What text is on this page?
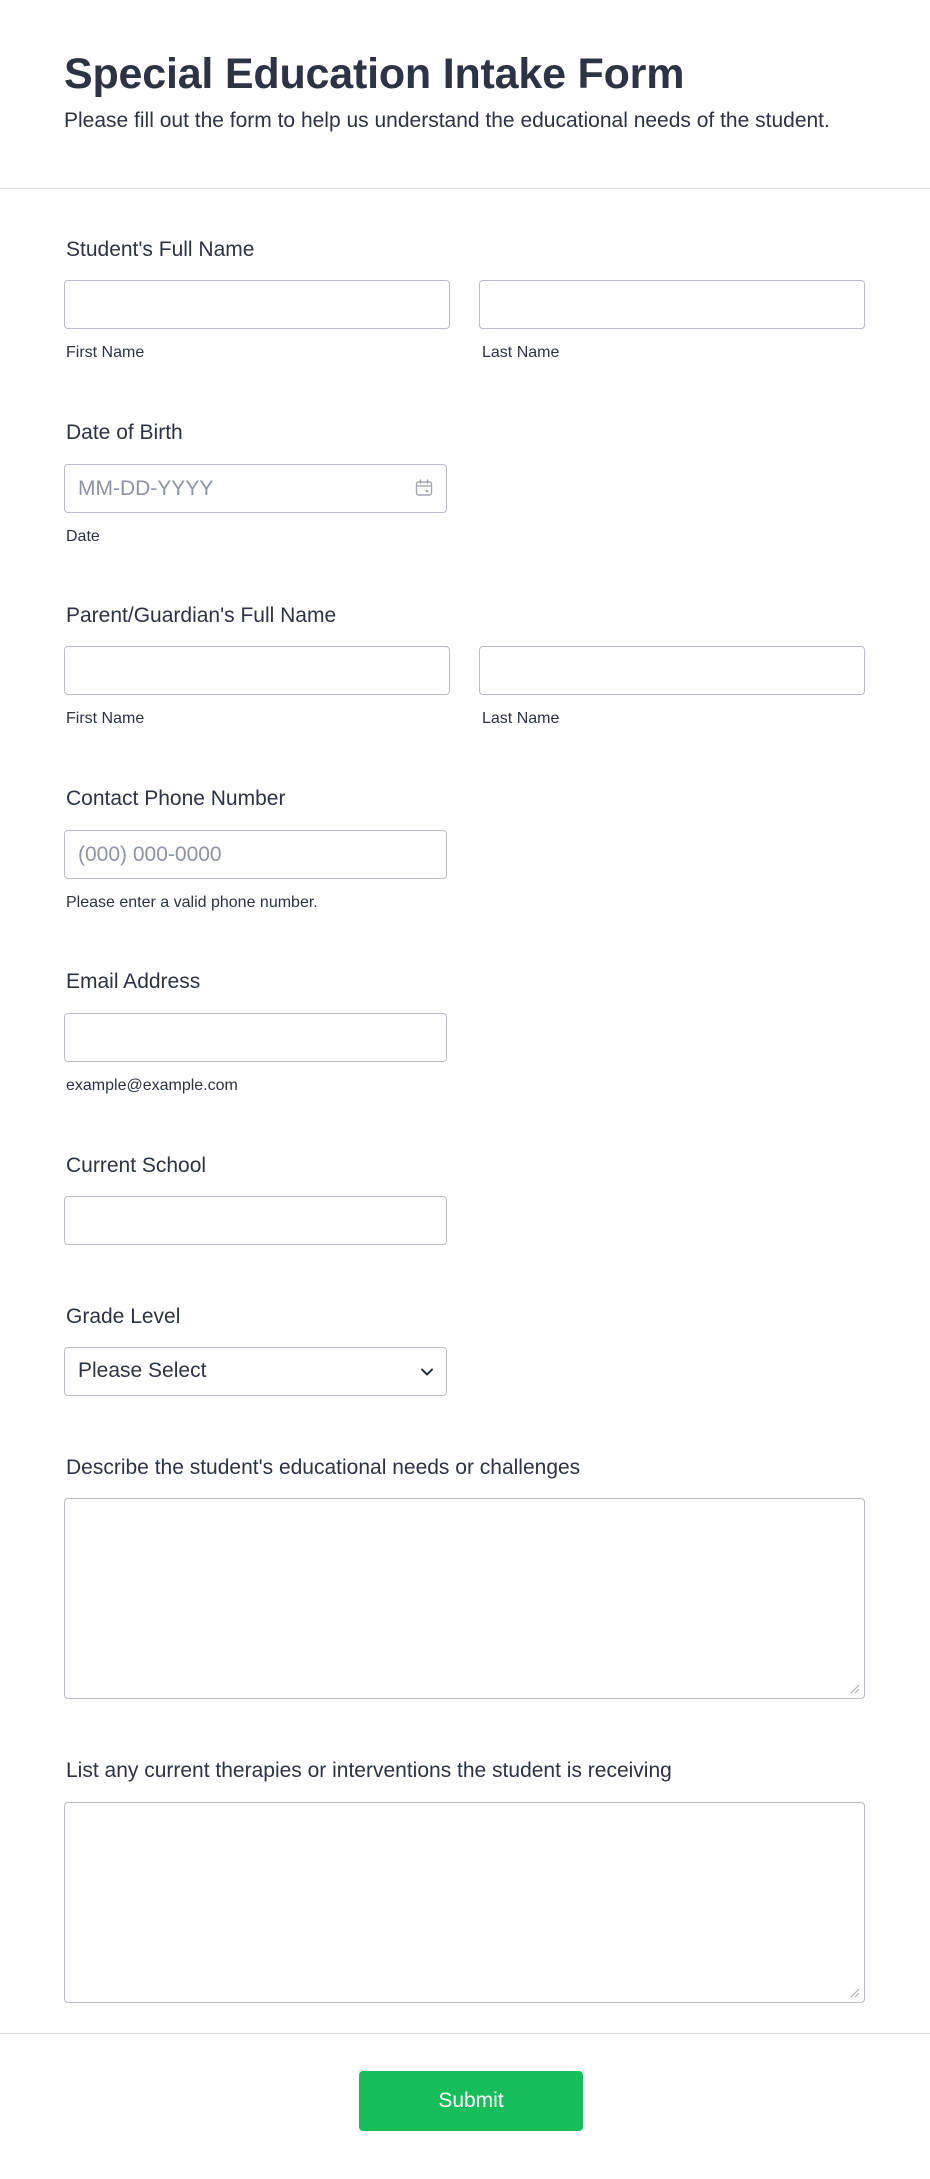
Special Education Intake Form

Please fill out the form to help us understand the educational needs of the student.

Student's Full Name
First Name	Last Name
Date of Birth
MM-DD-YYYY
Date
Parent/Guardian's Full Name
First Name	Last Name
Contact Phone Number
(000) 000-0000
Please enter a valid phone number.
Email Address
example@example.com
Current School
Grade Level
Please Select
Describe the student's educational needs or challenges
List any current therapies or interventions the student is receiving
Submit
